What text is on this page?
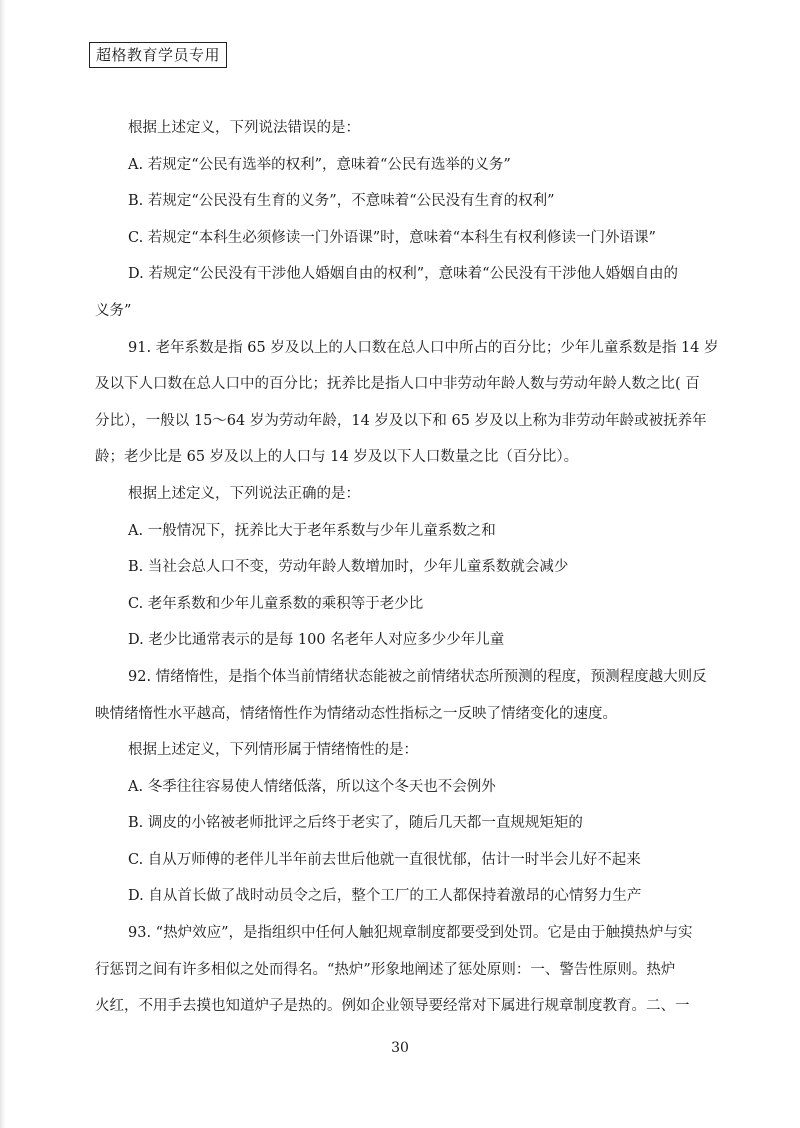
超格教育学员专用
根据上述定义，下列说法错误的是：
A. 若规定“公民有选举的权利”，意味着“公民有选举的义务”
B. 若规定“公民没有生育的义务”，不意味着“公民没有生育的权利”
C. 若规定“本科生必须修读一门外语课”时，意味着“本科生有权利修读一门外语课”
D. 若规定“公民没有干涉他人婚姻自由的权利”，意味着“公民没有干涉他人婚姻自由的
义务”
91. 老年系数是指 65 岁及以上的人口数在总人口中所占的百分比；少年儿童系数是指 14 岁
及以下人口数在总人口中的百分比；抚养比是指人口中非劳动年龄人数与劳动年龄人数之比( 百
分比），一般以 15～64 岁为劳动年龄，14 岁及以下和 65 岁及以上称为非劳动年龄或被抚养年
龄；老少比是 65 岁及以上的人口与 14 岁及以下人口数量之比（百分比）。
根据上述定义，下列说法正确的是：
A. 一般情况下，抚养比大于老年系数与少年儿童系数之和
B. 当社会总人口不变，劳动年龄人数增加时，少年儿童系数就会减少
C. 老年系数和少年儿童系数的乘积等于老少比
D. 老少比通常表示的是每 100 名老年人对应多少少年儿童
92. 情绪惰性，是指个体当前情绪状态能被之前情绪状态所预测的程度，预测程度越大则反
映情绪惰性水平越高，情绪惰性作为情绪动态性指标之一反映了情绪变化的速度。
根据上述定义，下列情形属于情绪惰性的是：
A. 冬季往往容易使人情绪低落，所以这个冬天也不会例外
B. 调皮的小铭被老师批评之后终于老实了，随后几天都一直规规矩矩的
C. 自从万师傅的老伴儿半年前去世后他就一直很忧郁，估计一时半会儿好不起来
D. 自从首长做了战时动员令之后，整个工厂的工人都保持着激昂的心情努力生产
93. “热炉效应”，是指组织中任何人触犯规章制度都要受到处罚。它是由于触摸热炉与实
行惩罚之间有许多相似之处而得名。“热炉”形象地阐述了惩处原则：一、警告性原则。热炉
火红，不用手去摸也知道炉子是热的。例如企业领导要经常对下属进行规章制度教育。二、一
30
